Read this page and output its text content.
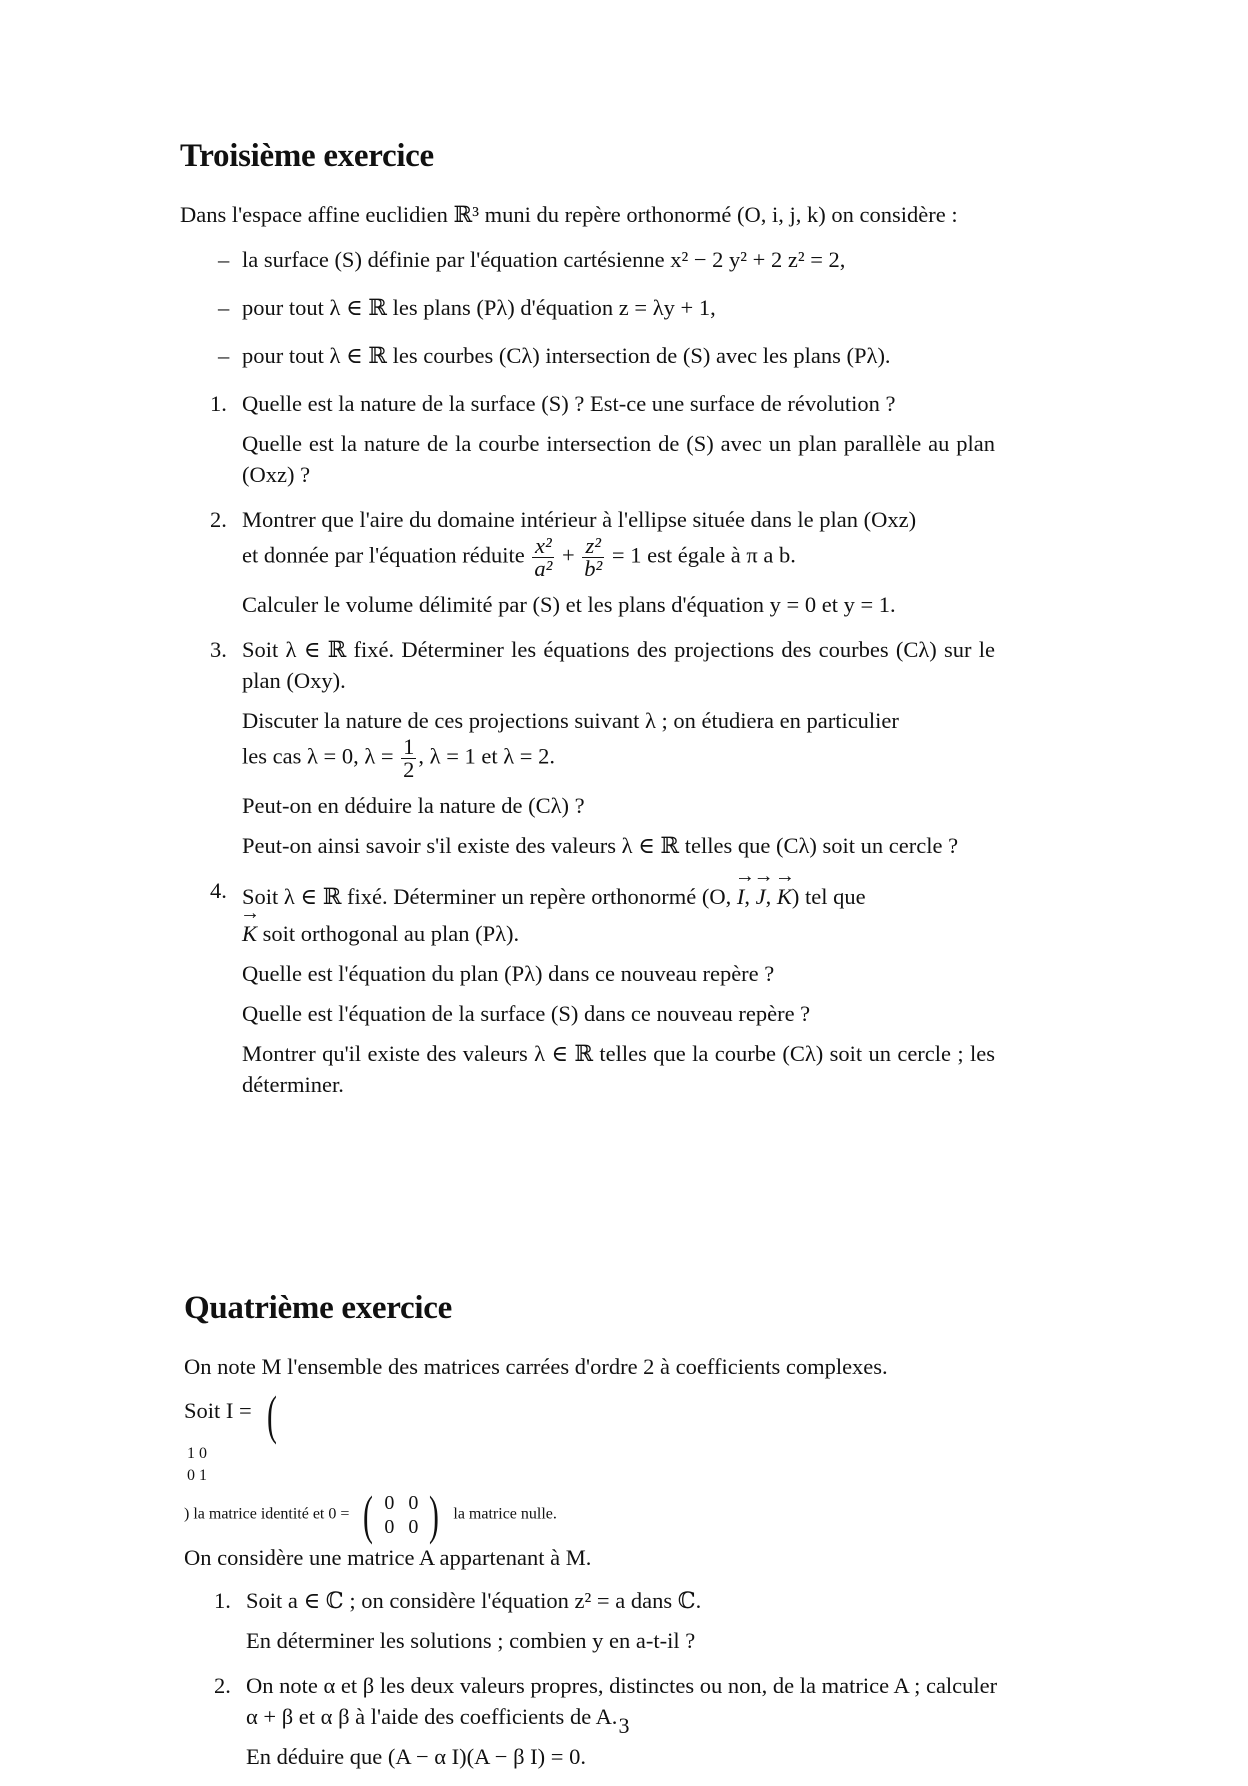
Troisième exercice

Dans l'espace affine euclidien ℝ³ muni du repère orthonormé (O, i, j, k) on considère :

– la surface (S) définie par l'équation cartésienne x² − 2 y² + 2 z² = 2,
– pour tout λ ∈ ℝ les plans (Pλ) d'équation z = λy + 1,
– pour tout λ ∈ ℝ les courbes (Cλ) intersection de (S) avec les plans (Pλ).
1. Quelle est la nature de la surface (S) ? Est-ce une surface de révolution ?

Quelle est la nature de la courbe intersection de (S) avec un plan parallèle au plan (Oxz) ?

2. Montrer que l'aire du domaine intérieur à l'ellipse située dans le plan (Oxz)

et donnée par l'équation réduite $\frac{\text{x²}}{\text{a²}} + \frac{\text{z²}}{\text{b²}} = 1$ est égale à π a b.

Calculer le volume délimité par (S) et les plans d'équation y = 0 et y = 1.

3. Soit λ ∈ ℝ fixé. Déterminer les équations des projections des courbes (Cλ) sur le plan (Oxy).

Discuter la nature de ces projections suivant λ ; on étudiera en particulier

les cas λ = 0, $\lambda = \frac{1}{2}$ , λ = 1 et λ = 2.

Peut-on en déduire la nature de (Cλ) ?

Peut-on ainsi savoir s'il existe des valeurs λ ∈ ℝ telles que (Cλ) soit un cercle ?

4. Soit λ ∈ ℝ fixé. Déterminer un repère orthonormé (O, → I, → J, → K) tel que

→ K soit orthogonal au plan (Pλ).

Quelle est l'équation du plan (Pλ) dans ce nouveau repère ?

Quelle est l'équation de la surface (S) dans ce nouveau repère ?

Montrer qu'il existe des valeurs λ ∈ ℝ telles que la courbe (Cλ) soit un cercle ; les déterminer.

Quatrième exercice

On note M l'ensemble des matrices carrées d'ordre 2 à coefficients complexes.

Soit I = (

1	0
0	1
) la matrice identité et 0 = ( 0	0
0	0 ) la matrice nulle.

On considère une matrice A appartenant à M.

1. Soit a ∈ ℂ ; on considère l'équation z² = a dans ℂ.

En déterminer les solutions ; combien y en a-t-il ?

2. On note α et β les deux valeurs propres, distinctes ou non, de la matrice A ; calculer α + β et α β à l'aide des coefficients de A.

En déduire que (A − α I)(A − β I) = 0.

3
